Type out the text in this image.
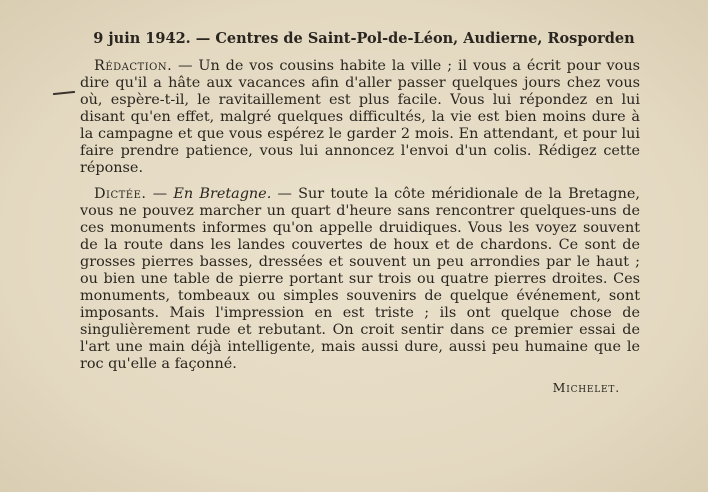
9 juin 1942. — Centres de Saint-Pol-de-Léon, Audierne, Rosporden

Rédaction. — Un de vos cousins habite la ville ; il vous a écrit pour vous dire qu'il a hâte aux vacances afin d'aller passer quelques jours chez vous où, espère-t-il, le ravitaillement est plus facile. Vous lui répondez en lui disant qu'en effet, malgré quelques difficultés, la vie est bien moins dure à la campagne et que vous espérez le garder 2 mois. En attendant, et pour lui faire prendre patience, vous lui annoncez l'envoi d'un colis. Rédigez cette réponse.

Dictée. — En Bretagne. — Sur toute la côte méridionale de la Bretagne, vous ne pouvez marcher un quart d'heure sans rencontrer quelques-uns de ces monuments informes qu'on appelle druidiques. Vous les voyez souvent de la route dans les landes couvertes de houx et de chardons. Ce sont de grosses pierres basses, dressées et souvent un peu arrondies par le haut ; ou bien une table de pierre portant sur trois ou quatre pierres droites. Ces monuments, tombeaux ou simples souvenirs de quelque événement, sont imposants. Mais l'impression en est triste ; ils ont quelque chose de singulièrement rude et rebutant. On croit sentir dans ce premier essai de l'art une main déjà intelligente, mais aussi dure, aussi peu humaine que le roc qu'elle a façonné.

Michelet.
